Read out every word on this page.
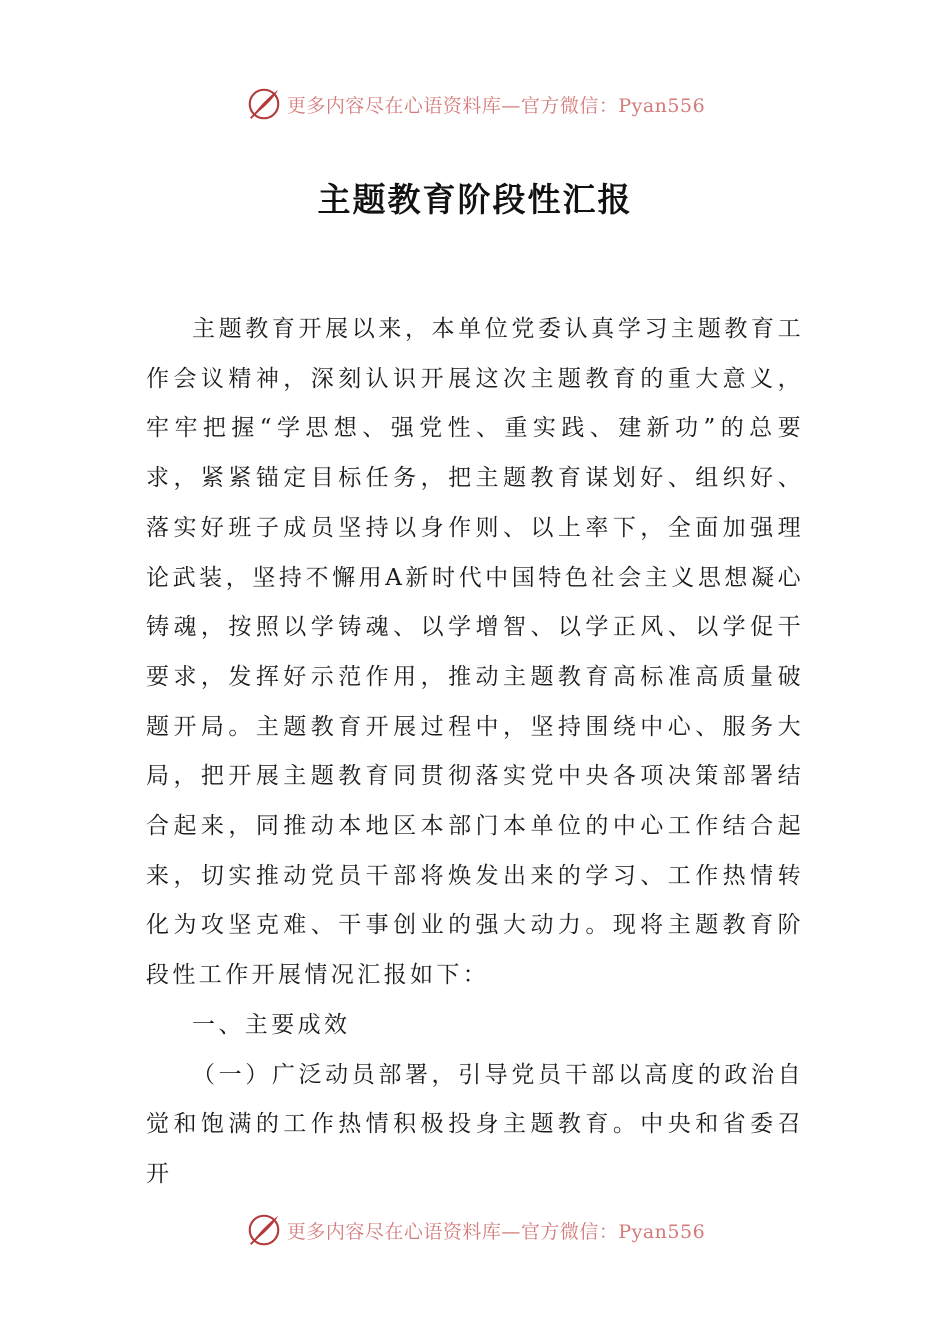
更多内容尽在心语资料库—官方微信：Pyan556
主题教育阶段性汇报

主题教育开展以来，本单位党委认真学习主题教育工作会议精神，深刻认识开展这次主题教育的重大意义，牢牢把握“学思想、强党性、重实践、建新功”的总要求，紧紧锚定目标任务，把主题教育谋划好、组织好、落实好班子成员坚持以身作则、以上率下，全面加强理论武装，坚持不懈用A新时代中国特色社会主义思想凝心铸魂，按照以学铸魂、以学增智、以学正风、以学促干要求，发挥好示范作用，推动主题教育高标准高质量破题开局。主题教育开展过程中，坚持围绕中心、服务大局，把开展主题教育同贯彻落实党中央各项决策部署结合起来，同推动本地区本部门本单位的中心工作结合起来，切实推动党员干部将焕发出来的学习、工作热情转化为攻坚克难、干事创业的强大动力。现将主题教育阶段性工作开展情况汇报如下：

一、主要成效

（一）广泛动员部署，引导党员干部以高度的政治自觉和饱满的工作热情积极投身主题教育。中央和省委召开

更多内容尽在心语资料库—官方微信：Pyan556
